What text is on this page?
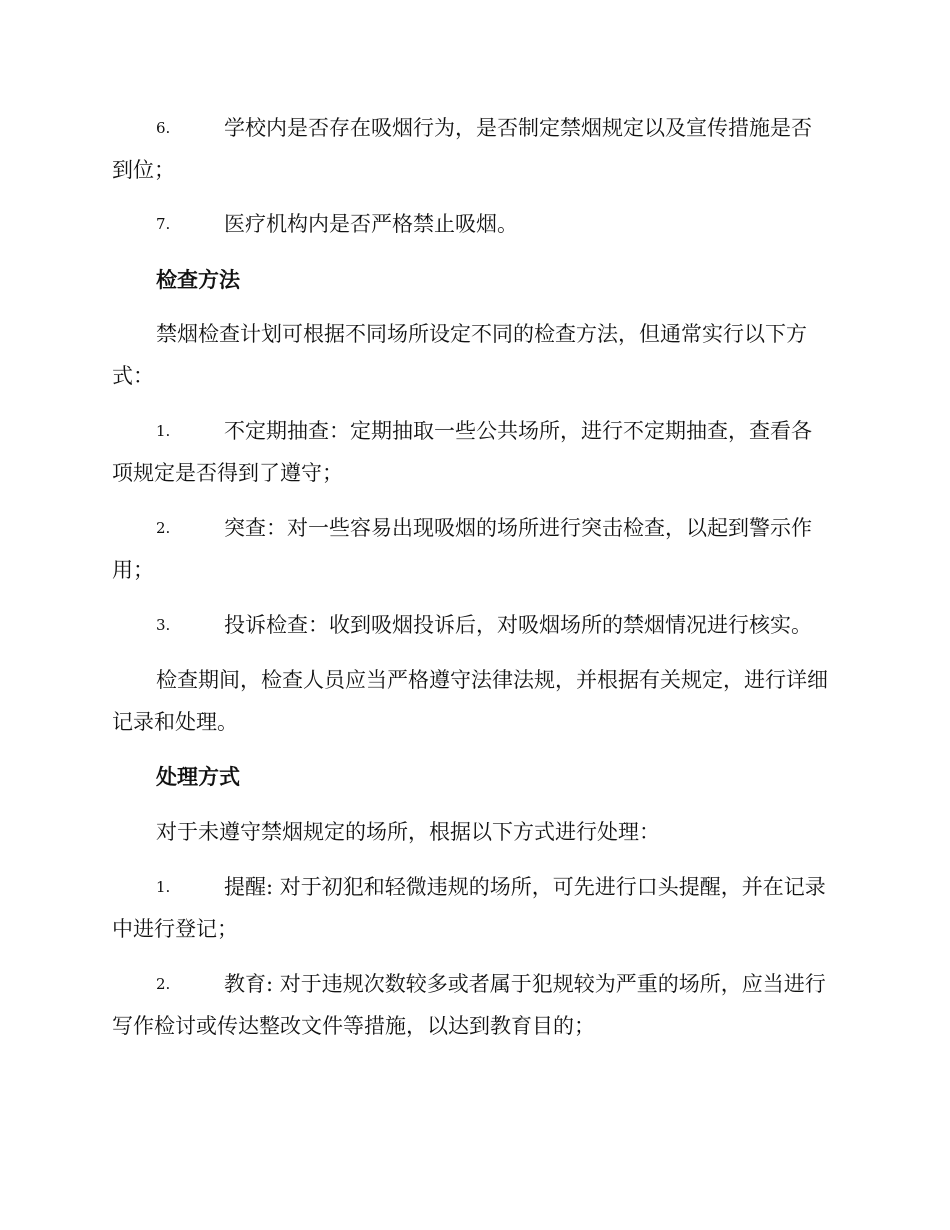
6.	学校内是否存在吸烟行为，是否制定禁烟规定以及宣传措施是否到位；
7.	医疗机构内是否严格禁止吸烟。
检查方法
禁烟检查计划可根据不同场所设定不同的检查方法，但通常实行以下方式：
1.	不定期抽查：定期抽取一些公共场所，进行不定期抽查，查看各项规定是否得到了遵守；
2.	突查：对一些容易出现吸烟的场所进行突击检查，以起到警示作用；
3.	投诉检查：收到吸烟投诉后，对吸烟场所的禁烟情况进行核实。
检查期间，检查人员应当严格遵守法律法规，并根据有关规定，进行详细记录和处理。
处理方式
对于未遵守禁烟规定的场所，根据以下方式进行处理：
1.	提醒: 对于初犯和轻微违规的场所，可先进行口头提醒，并在记录中进行登记；
2.	教育: 对于违规次数较多或者属于犯规较为严重的场所，应当进行写作检讨或传达整改文件等措施，以达到教育目的；
